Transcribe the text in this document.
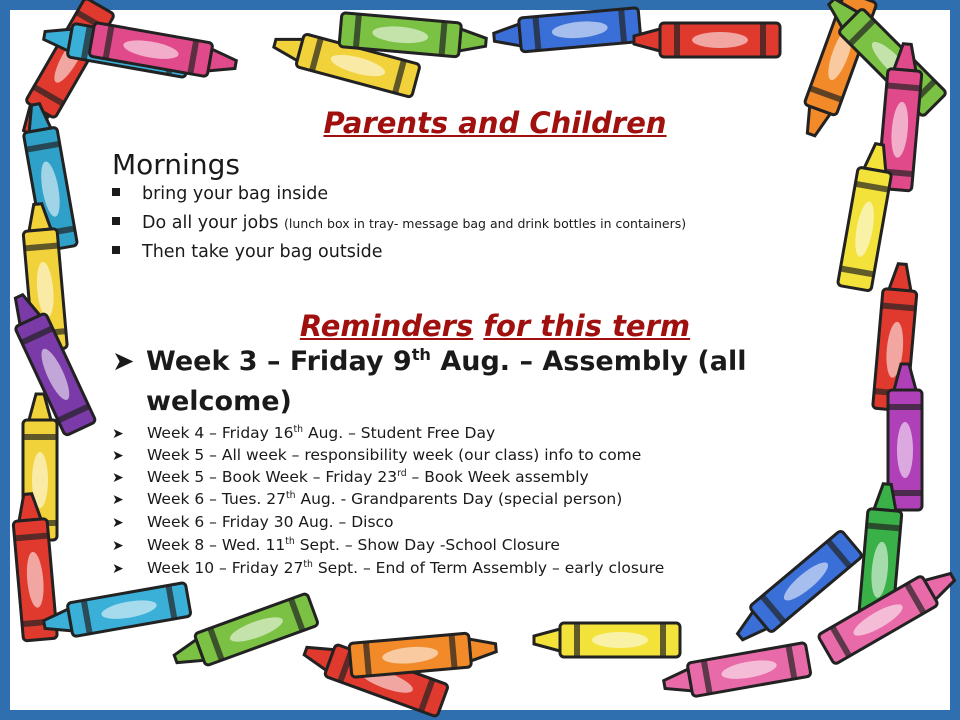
Parents and Children
Mornings
bring your bag inside
Do all your jobs (lunch box in tray- message bag and drink bottles in containers)
Then take your bag outside
Reminders for this term
➤ Week 3 – Friday 9th Aug. – Assembly (all
welcome)
➤ Week 4 – Friday 16th Aug. – Student Free Day
➤ Week 5 – All week – responsibility week (our class) info to come
➤ Week 5 – Book Week – Friday 23rd – Book Week assembly
➤ Week 6 – Tues. 27th Aug. - Grandparents Day (special person)
➤ Week 6 – Friday 30 Aug. – Disco
➤ Week 8 – Wed. 11th Sept. – Show Day -School Closure
➤ Week 10 – Friday 27th Sept. – End of Term Assembly – early closure
